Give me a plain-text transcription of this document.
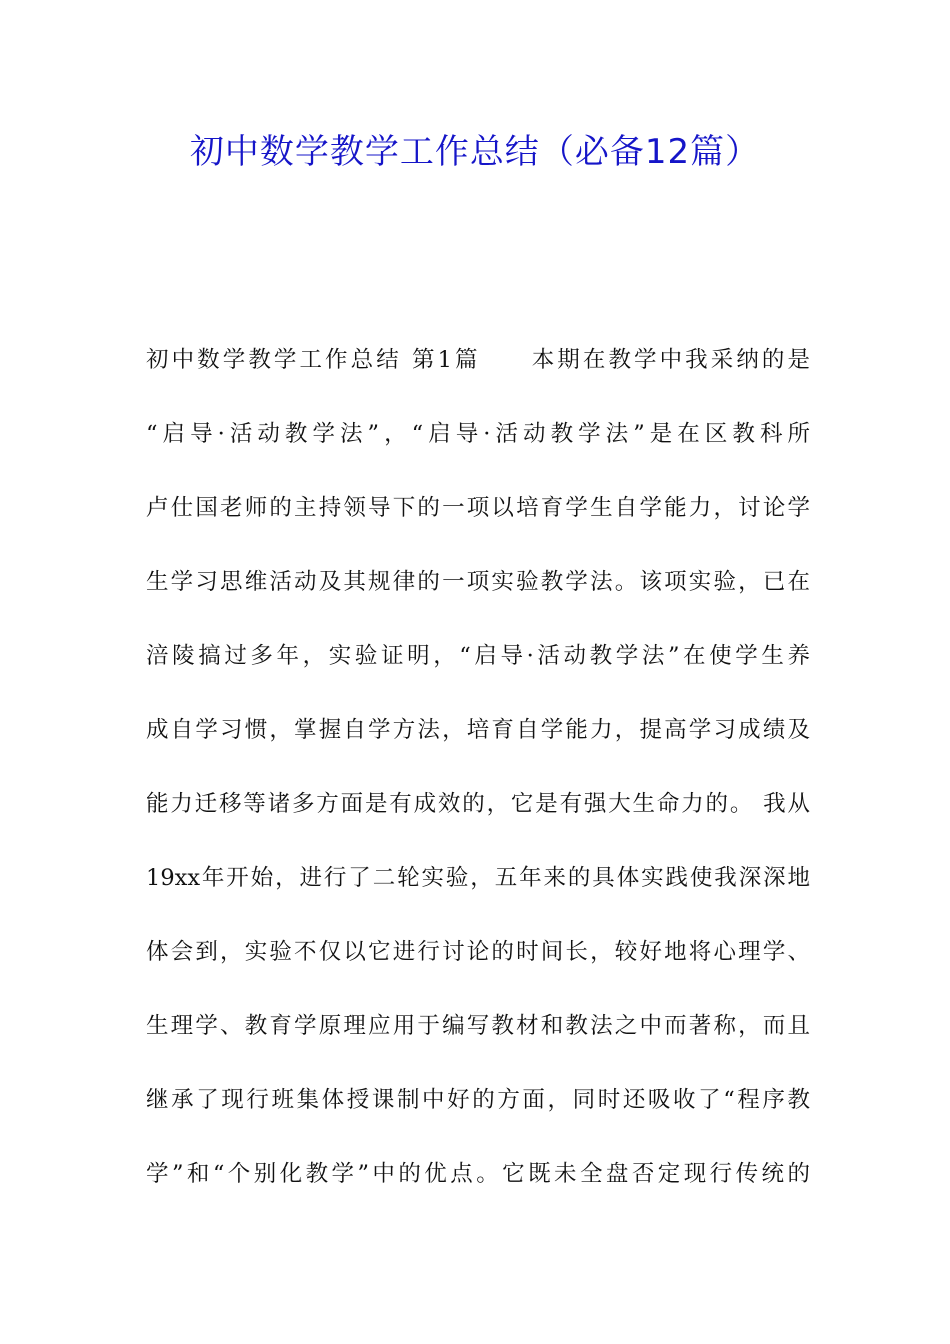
初中数学教学工作总结（必备12篇）
初中数学教学工作总结 第1篇　　本期在教学中我采纳的是
“启导·活动教学法”，“启导·活动教学法”是在区教科所
卢仕国老师的主持领导下的一项以培育学生自学能力，讨论学
生学习思维活动及其规律的一项实验教学法。该项实验，已在
涪陵搞过多年，实验证明，“启导·活动教学法”在使学生养
成自学习惯，掌握自学方法，培育自学能力，提高学习成绩及
能力迁移等诸多方面是有成效的，它是有强大生命力的。 我从
19xx年开始，进行了二轮实验，五年来的具体实践使我深深地
体会到，实验不仅以它进行讨论的时间长，较好地将心理学、
生理学、教育学原理应用于编写教材和教法之中而著称，而且
继承了现行班集体授课制中好的方面，同时还吸收了“程序教
学”和“个别化教学”中的优点。它既未全盘否定现行传统的
